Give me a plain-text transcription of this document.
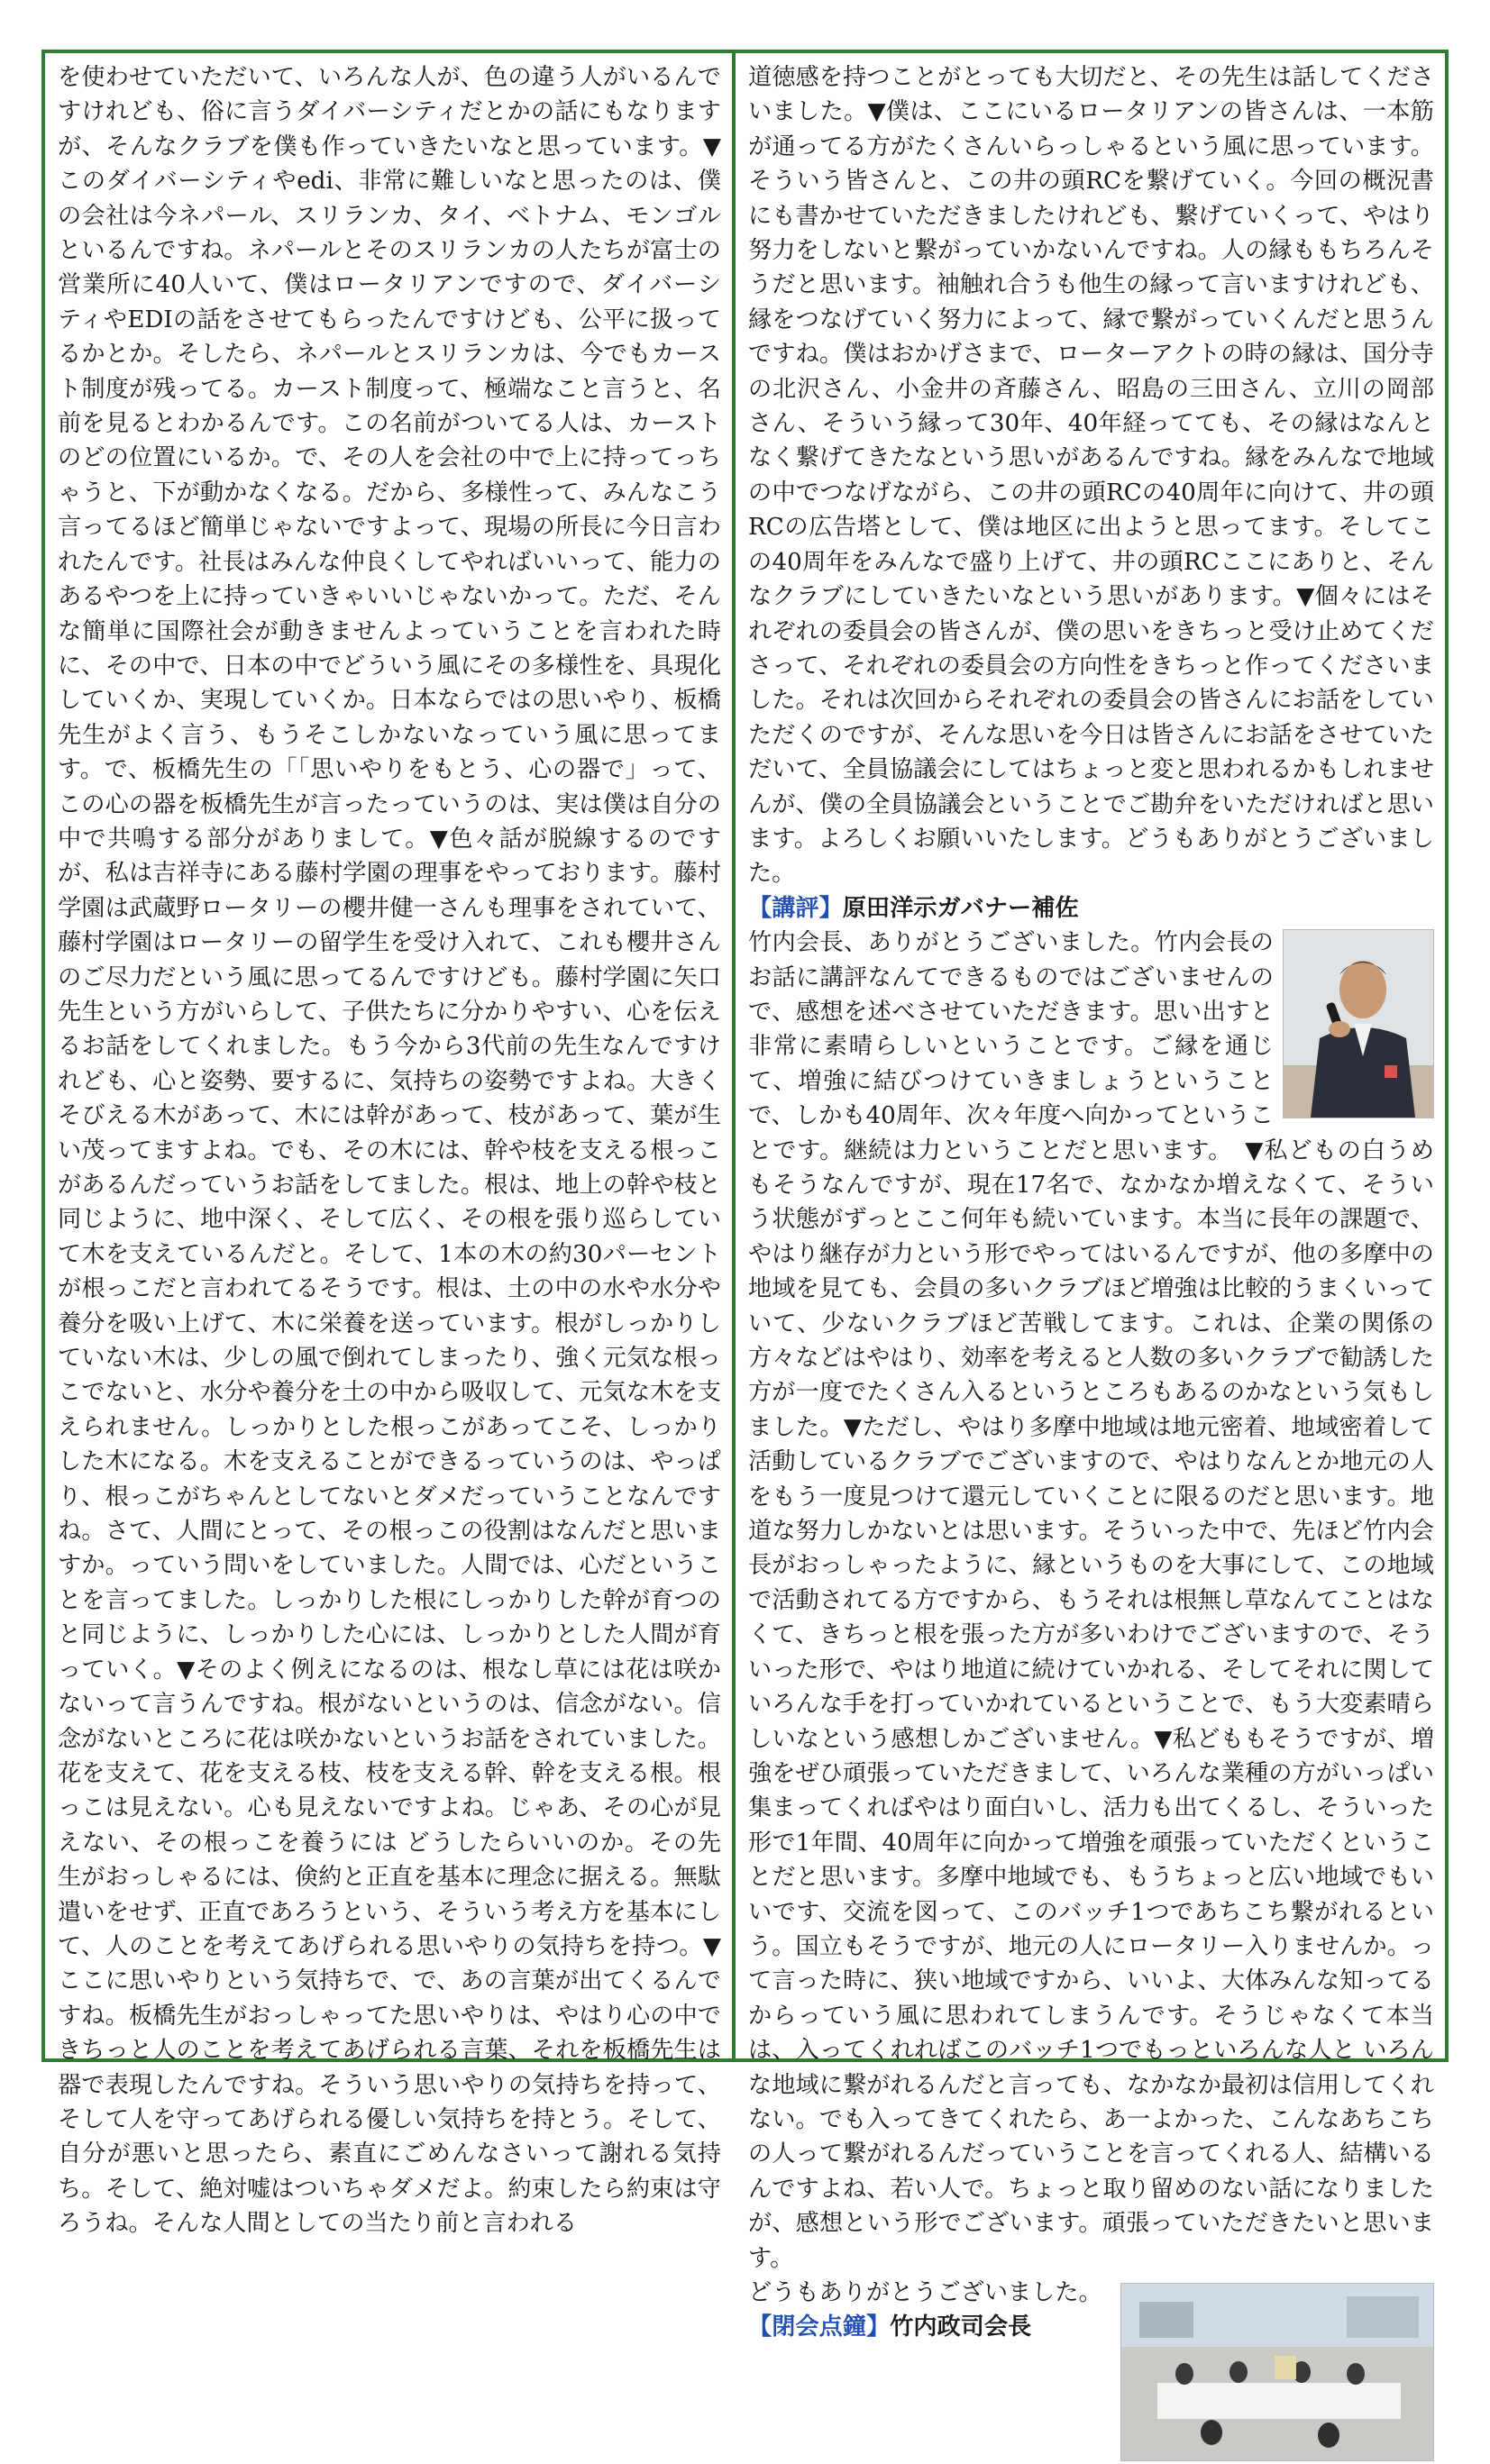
を使わせていただいて、いろんな人が、色の違う人がいるんですけれども、俗に言うダイバーシティだとかの話にもなりますが、そんなクラブを僕も作っていきたいなと思っています。▼このダイバーシティやedi、非常に難しいなと思ったのは、僕の会社は今ネパール、スリランカ、タイ、ベトナム、モンゴルといるんですね。ネパールとそのスリランカの人たちが富士の営業所に40人いて、僕はロータリアンですので、ダイバーシティやEDIの話をさせてもらったんですけども、公平に扱ってるかとか。そしたら、ネパールとスリランカは、今でもカースト制度が残ってる。カースト制度って、極端なこと言うと、名前を見るとわかるんです。この名前がついてる人は、カーストのどの位置にいるか。で、その人を会社の中で上に持ってっちゃうと、下が動かなくなる。だから、多様性って、みんなこう言ってるほど簡単じゃないですよって、現場の所長に今日言われたんです。社長はみんな仲良くしてやればいいって、能力のあるやつを上に持っていきゃいいじゃないかって。ただ、そんな簡単に国際社会が動きませんよっていうことを言われた時に、その中で、日本の中でどういう風にその多様性を、具現化していくか、実現していくか。日本ならではの思いやり、板橋先生がよく言う、もうそこしかないなっていう風に思ってます。で、板橋先生の「「思いやりをもとう、心の器で」って、この心の器を板橋先生が言ったっていうのは、実は僕は自分の中で共鳴する部分がありまして。▼色々話が脱線するのですが、私は吉祥寺にある藤村学園の理事をやっております。藤村学園は武蔵野ロータリーの櫻井健一さんも理事をされていて、藤村学園はロータリーの留学生を受け入れて、これも櫻井さんのご尽力だという風に思ってるんですけども。藤村学園に矢口先生という方がいらして、子供たちに分かりやすい、心を伝えるお話をしてくれました。もう今から3代前の先生なんですけれども、心と姿勢、要するに、気持ちの姿勢ですよね。大きくそびえる木があって、木には幹があって、枝があって、葉が生い茂ってますよね。でも、その木には、幹や枝を支える根っこがあるんだっていうお話をしてました。根は、地上の幹や枝と同じように、地中深く、そして広く、その根を張り巡らしていて木を支えているんだと。そして、1本の木の約30パーセントが根っこだと言われてるそうです。根は、土の中の水や水分や養分を吸い上げて、木に栄養を送っています。根がしっかりしていない木は、少しの風で倒れてしまったり、強く元気な根っこでないと、水分や養分を土の中から吸収して、元気な木を支えられません。しっかりとした根っこがあってこそ、しっかりした木になる。木を支えることができるっていうのは、やっぱり、根っこがちゃんとしてないとダメだっていうことなんですね。さて、人間にとって、その根っこの役割はなんだと思いますか。っていう問いをしていました。人間では、心だということを言ってました。しっかりした根にしっかりした幹が育つのと同じように、しっかりした心には、しっかりとした人間が育っていく。▼そのよく例えになるのは、根なし草には花は咲かないって言うんですね。根がないというのは、信念がない。信念がないところに花は咲かないというお話をされていました。花を支えて、花を支える枝、枝を支える幹、幹を支える根。根っこは見えない。心も見えないですよね。じゃあ、その心が見えない、その根っこを養うには どうしたらいいのか。その先生がおっしゃるには、倹約と正直を基本に理念に据える。無駄遣いをせず、正直であろうという、そういう考え方を基本にして、人のことを考えてあげられる思いやりの気持ちを持つ。▼ここに思いやりという気持ちで、で、あの言葉が出てくるんですね。板橋先生がおっしゃってた思いやりは、やはり心の中できちっと人のことを考えてあげられる言葉、それを板橋先生は器で表現したんですね。そういう思いやりの気持ちを持って、そして人を守ってあげられる優しい気持ちを持とう。そして、自分が悪いと思ったら、素直にごめんなさいって謝れる気持ち。そして、絶対嘘はついちゃダメだよ。約束したら約束は守ろうね。そんな人間としての当たり前と言われる

道徳感を持つことがとっても大切だと、その先生は話してくださいました。▼僕は、ここにいるロータリアンの皆さんは、一本筋が通ってる方がたくさんいらっしゃるという風に思っています。そういう皆さんと、この井の頭RCを繋げていく。今回の概況書にも書かせていただきましたけれども、繋げていくって、やはり努力をしないと繋がっていかないんですね。人の縁ももちろんそうだと思います。袖触れ合うも他生の縁って言いますけれども、縁をつなげていく努力によって、縁で繋がっていくんだと思うんですね。僕はおかげさまで、ローターアクトの時の縁は、国分寺の北沢さん、小金井の斉藤さん、昭島の三田さん、立川の岡部さん、そういう縁って30年、40年経ってても、その縁はなんとなく繋げてきたなという思いがあるんですね。縁をみんなで地域の中でつなげながら、この井の頭RCの40周年に向けて、井の頭RCの広告塔として、僕は地区に出ようと思ってます。そしてこの40周年をみんなで盛り上げて、井の頭RCここにありと、そんなクラブにしていきたいなという思いがあります。▼個々にはそれぞれの委員会の皆さんが、僕の思いをきちっと受け止めてくださって、それぞれの委員会の方向性をきちっと作ってくださいました。それは次回からそれぞれの委員会の皆さんにお話をしていただくのですが、そんな思いを今日は皆さんにお話をさせていただいて、全員協議会にしてはちょっと変と思われるかもしれませんが、僕の全員協議会ということでご勘弁をいただければと思います。よろしくお願いいたします。どうもありがとうございました。

【講評】原田洋示ガバナー補佐

竹内会長、ありがとうございました。竹内会長のお話に講評なんてできるものではございませんので、感想を述べさせていただきます。思い出すと非常に素晴らしいということです。ご縁を通じて、増強に結びつけていきましょうということで、しかも40周年、次々年度へ向かってということです。継続は力ということだと思います。　▼私どもの白うめもそうなんですが、現在17名で、なかなか増えなくて、そういう状態がずっとここ何年も続いています。本当に長年の課題で、やはり継存が力という形でやってはいるんですが、他の多摩中の地域を見ても、会員の多いクラブほど増強は比較的うまくいっていて、少ないクラブほど苦戦してます。これは、企業の関係の方々などはやはり、効率を考えると人数の多いクラブで勧誘した方が一度でたくさん入るというところもあるのかなという気もしました。▼ただし、やはり多摩中地域は地元密着、地域密着して活動しているクラブでございますので、やはりなんとか地元の人をもう一度見つけて還元していくことに限るのだと思います。地道な努力しかないとは思います。そういった中で、先ほど竹内会長がおっしゃったように、縁というものを大事にして、この地域で活動されてる方ですから、もうそれは根無し草なんてことはなくて、きちっと根を張った方が多いわけでございますので、そういった形で、やはり地道に続けていかれる、そしてそれに関していろんな手を打っていかれているということで、もう大変素晴らしいなという感想しかございません。▼私どももそうですが、増強をぜひ頑張っていただきまして、いろんな業種の方がいっぱい集まってくればやはり面白いし、活力も出てくるし、そういった形で1年間、40周年に向かって増強を頑張っていただくということだと思います。多摩中地域でも、もうちょっと広い地域でもいいです、交流を図って、このバッチ1つであちこち繋がれるという。国立もそうですが、地元の人にロータリー入りませんか。って言った時に、狭い地域ですから、いいよ、大体みんな知ってるからっていう風に思われてしまうんです。そうじゃなくて本当は、入ってくれればこのバッチ1つでもっといろんな人と いろんな地域に繋がれるんだと言っても、なかなか最初は信用してくれない。でも入ってきてくれたら、あ一よかった、こんなあちこちの人って繋がれるんだっていうことを言ってくれる人、結構いるんですよね、若い人で。ちょっと取り留めのない話になりましたが、感想という形でございます。頑張っていただきたいと思います。

どうもありがとうございました。

【閉会点鐘】竹内政司会長
